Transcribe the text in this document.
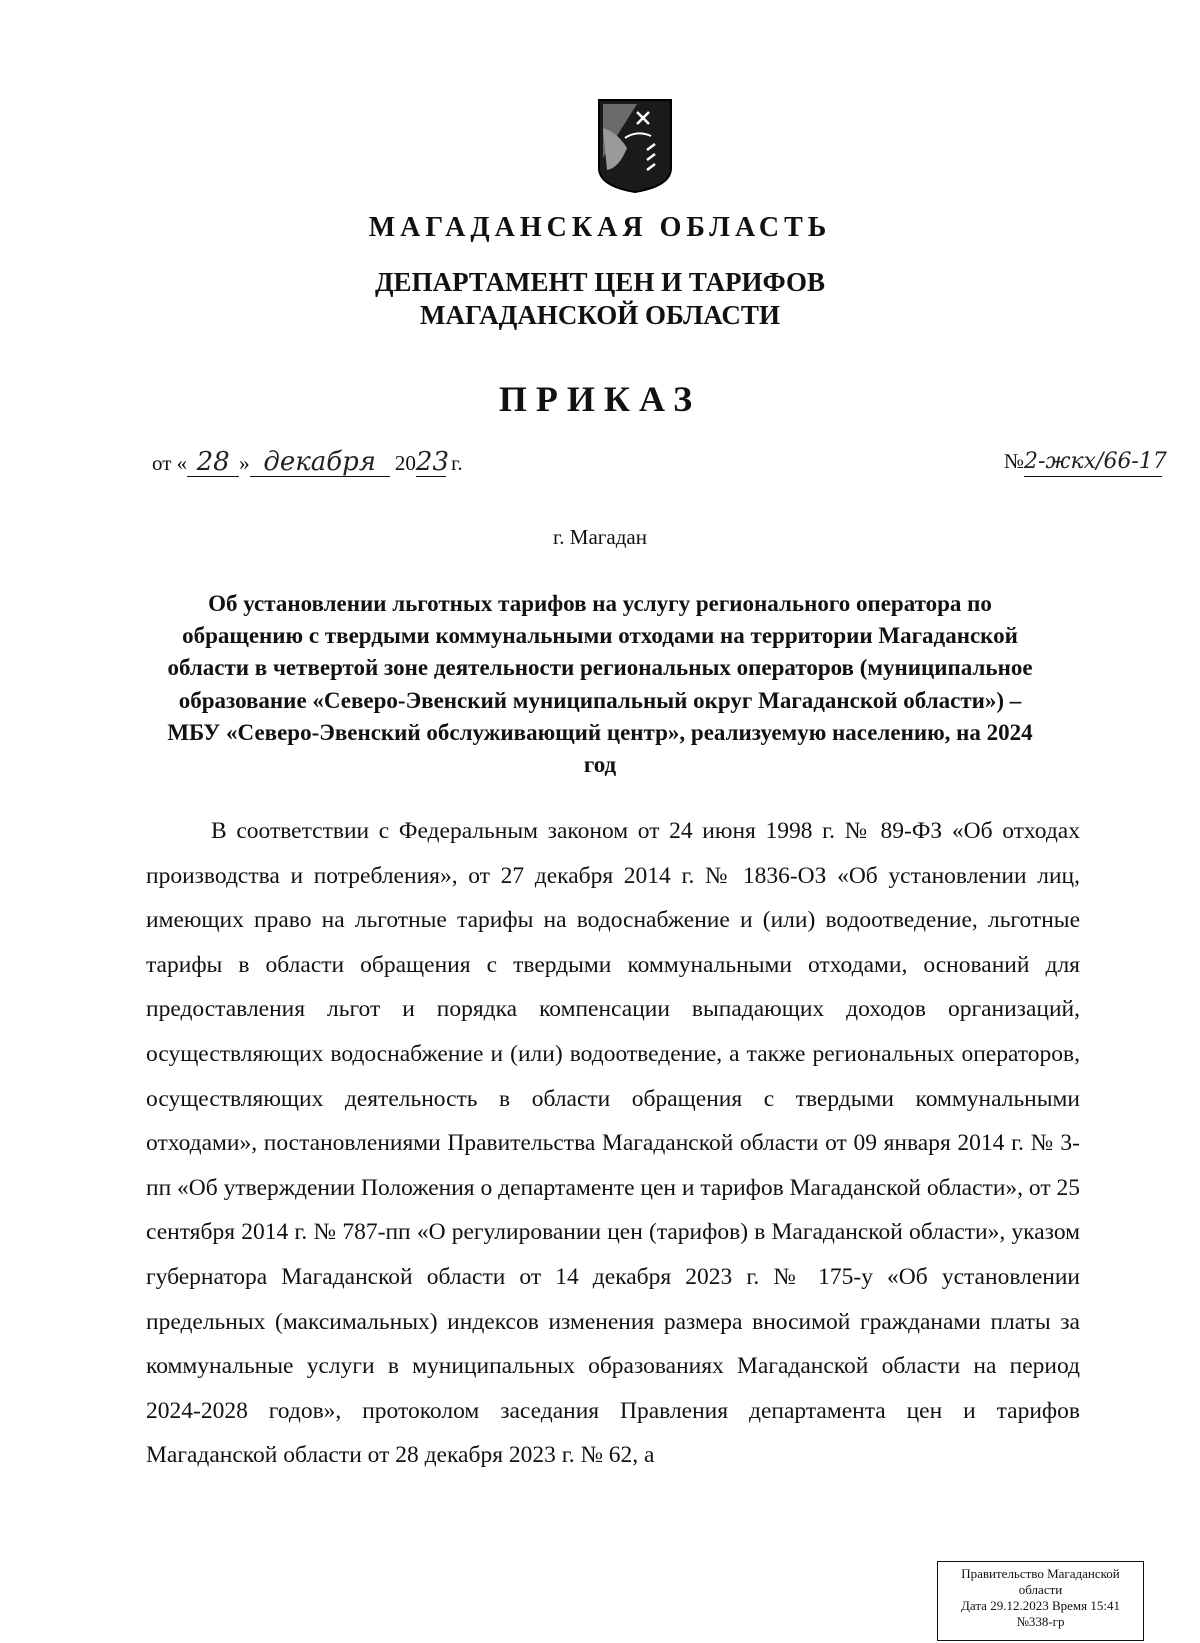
МАГАДАНСКАЯ ОБЛАСТЬ
ДЕПАРТАМЕНТ ЦЕН И ТАРИФОВ
МАГАДАНСКОЙ ОБЛАСТИ
ПРИКАЗ
от « 28 » декабря 2023 г.	№2-жкх/66-17
г. Магадан
Об установлении льготных тарифов на услугу регионального оператора по обращению с твердыми коммунальными отходами на территории Магаданской области в четвертой зоне деятельности региональных операторов (муниципальное образование «Северо-Эвенский муниципальный округ Магаданской области») – МБУ «Северо-Эвенский обслуживающий центр», реализуемую населению, на 2024 год
В соответствии с Федеральным законом от 24 июня 1998 г. № 89-ФЗ «Об отходах производства и потребления», от 27 декабря 2014 г. № 1836-ОЗ «Об установлении лиц, имеющих право на льготные тарифы на водоснабжение и (или) водоотведение, льготные тарифы в области обращения с твердыми коммунальными отходами, оснований для предоставления льгот и порядка компенсации выпадающих доходов организаций, осуществляющих водоснабжение и (или) водоотведение, а также региональных операторов, осуществляющих деятельность в области обращения с твердыми коммунальными отходами», постановлениями Правительства Магаданской области от 09 января 2014 г. № 3-пп «Об утверждении Положения о департаменте цен и тарифов Магаданской области», от 25 сентября 2014 г. № 787-пп «О регулировании цен (тарифов) в Магаданской области», указом губернатора Магаданской области от 14 декабря 2023 г. № 175-у «Об установлении предельных (максимальных) индексов изменения размера вносимой гражданами платы за коммунальные услуги в муниципальных образованиях Магаданской области на период 2024-2028 годов», протоколом заседания Правления департамента цен и тарифов Магаданской области от 28 декабря 2023 г. № 62, а
Правительство Магаданской
области
Дата 29.12.2023 Время 15:41
№338-гр
